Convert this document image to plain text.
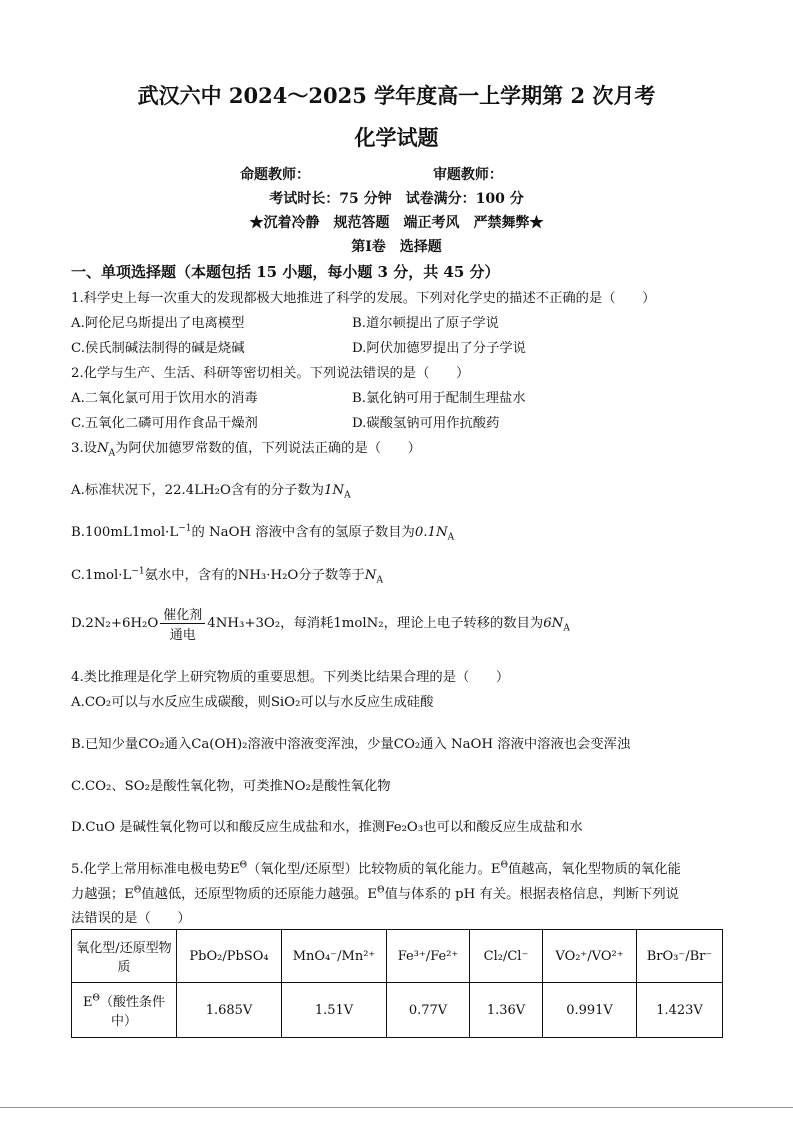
武汉六中 2024～2025 学年度高一上学期第 2 次月考
化学试题
命题教师：	审题教师：
考试时长：75 分钟　试卷满分：100 分
★沉着冷静　规范答题　端正考风　严禁舞弊★
第Ⅰ卷　选择题
一、单项选择题（本题包括 15 小题，每小题 3 分，共 45 分）
1.科学史上每一次重大的发现都极大地推进了科学的发展。下列对化学史的描述不正确的是（　　）
A.阿伦尼乌斯提出了电离模型	B.道尔顿提出了原子学说
C.侯氏制碱法制得的碱是烧碱	D.阿伏加德罗提出了分子学说
2.化学与生产、生活、科研等密切相关。下列说法错误的是（　　）
A.二氧化氯可用于饮用水的消毒	B.氯化钠可用于配制生理盐水
C.五氧化二磷可用作食品干燥剂	D.碳酸氢钠可用作抗酸药
3.设$N_A$为阿伏加德罗常数的值，下列说法正确的是（　　）
A.标准状况下，22.4LH₂O含有的分子数为$1N_A$
$B.100mL1mol\cdot L^{-1}$的 NaOH 溶液中含有的氢原子数目为$0.1N_A$
$C.1mol\cdot L^{-1}$氨水中，含有的NH₃·H₂O分子数等于$N_A$
$D.2N_2+6H_2O \frac{\text{催化剂}}{\text{通电}} 4NH_3+3O_2$，每消耗1molN₂，理论上电子转移的数目为$6N_A$
4.类比推理是化学上研究物质的重要思想。下列类比结果合理的是（　　）
A.CO₂可以与水反应生成碳酸，则SiO₂可以与水反应生成硅酸
B.已知少量CO₂通入Ca(OH)₂溶液中溶液变浑浊，少量CO₂通入 NaOH 溶液中溶液也会变浑浊
C.CO₂、SO₂是酸性氧化物，可类推NO₂是酸性氧化物
D.CuO 是碱性氧化物可以和酸反应生成盐和水，推测Fe₂O₃也可以和酸反应生成盐和水
5.化学上常用标准电极电势$E^\Theta$（氧化型/还原型）比较物质的氧化能力。$E^\Theta$值越高，氧化型物质的氧化能
力越强；$E^\Theta$值越低，还原型物质的还原能力越强。$E^\Theta$值与体系的 pH 有关。根据表格信息，判断下列说
法错误的是（　　）
氧化型/还原型物质	PbO₂/PbSO₄	MnO₄⁻/Mn²⁺	Fe³⁺/Fe²⁺	Cl₂/Cl⁻	VO₂⁺/VO²⁺	BrO₃⁻/Br⁻
$E^\Theta$（酸性条件中）	1.685V	1.51V	0.77V	1.36V	0.991V	1.423V
